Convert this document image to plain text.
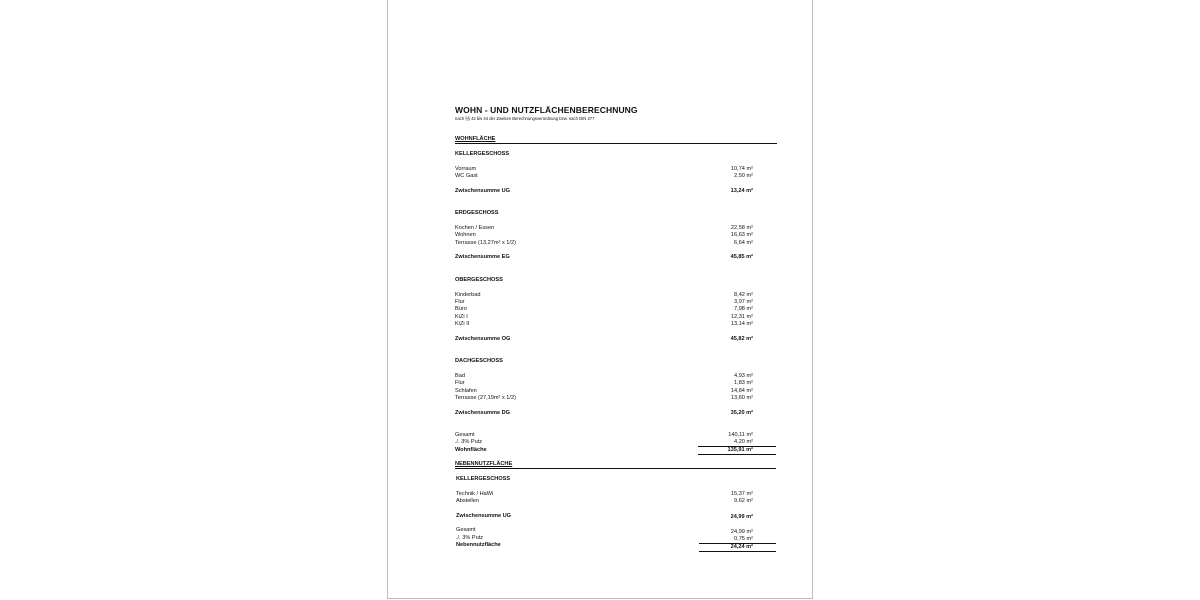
WOHN - UND NUTZFLÄCHENBERECHNUNG
nach §§ 42 bis 44 der Zweiten Berechnungsverordnung bzw. nach DIN 277
WOHNFLÄCHE
KELLERGESCHOSS
Vorraum	10,74 m²
WC Gast	2,50 m²
Zwischensumme UG	13,24 m²
ERDGESCHOSS
Kochen / Essen	22,58 m²
Wohnen	16,63 m²
Terrasse (13,27m² x 1/2)	6,64 m²
Zwischensumme EG	45,85 m²
OBERGESCHOSS
Kinderbad	8,42 m²
Flur	3,97 m²
Büro	7,98 m²
KiZi I	12,31 m²
KiZi II	13,14 m²
Zwischensumme OG	45,82 m²
DACHGESCHOSS
Bad	4,93 m²
Flur	1,83 m²
Schlafen	14,84 m²
Terrasse (27,19m² x 1/2)	13,60 m²
Zwischensumme DG	35,20 m²
Gesamt	140,11 m²
./. 3% Putz	4,20 m²
Wohnfläche	135,91 m²
NEBENNUTZFLÄCHE
KELLERGESCHOSS
Technik / HaWi	15,37 m²
Abstellen	9,62 m²
Zwischensumme UG	24,99 m²
Gesamt	24,99 m²
./. 3% Putz	0,75 m²
Nebennutzfläche	24,24 m²
